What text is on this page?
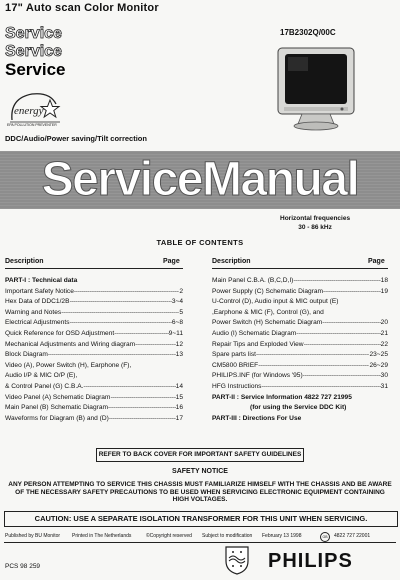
17" Auto scan Color Monitor
Service
Service
Service
energy
EPA POLLUTION PREVENTER
17B2302Q/00C
DDC/Audio/Power saving/Tilt correction
ServiceManual
Horizontal frequencies
30 - 86 kHz
TABLE OF CONTENTS
Description	Page	Description	Page
PART-I : Technical data
Important Safety Notice -----	2
Hex Data of DDC1/2B -----	3~4
Warning and Notes -----	5
Electrical Adjustments -----	6~8
Quick Reference for OSD Adjustment -----	9~11
Mechanical Adjustments and Wiring diagram -----	12
Block Diagram -----	13
Video (A), Power Switch (H), Earphone (F),
Audio I/P & MIC O/P (E),
& Control Panel (G) C.B.A. -----	14
Video Panel (A) Schematic Diagram -----	15
Main Panel (B) Schematic Diagram -----	16
Waveforms for Diagram (B) and (D) -----	17
Main Panel C.B.A. (B,C,D,I) -----	18
Power Supply (C) Schematic Diagram -----	19
U-Control (D), Audio input & MIC output (E)
,Earphone & MIC (F), Control (G), and
Power Switch (H) Schematic Diagram -----	20
Audio (I) Schematic Diagram -----	21
Repair Tips and Exploded View -----	22
Spare parts list -----	23~25
CM5800 BRIEF -----	26~29
PHILIPS.INF (for Windows '95) -----	30
HFG Instructions -----	31
PART-II : Service Information 4822 727 21995
(for using the Service DDC Kit)
PART-III : Directions For Use
REFER TO BACK COVER FOR IMPORTANT SAFETY GUIDELINES
SAFETY NOTICE
ANY PERSON ATTEMPTING TO SERVICE THIS CHASSIS MUST FAMILIARIZE HIMSELF WITH THE CHASSIS AND BE AWARE OF THE NECESSARY SAFETY PRECAUTIONS TO BE USED WHEN SERVICING ELECTRONIC EQUIPMENT CONTAINING HIGH VOLTAGES.
CAUTION: USE A SEPARATE ISOLATION TRANSFORMER FOR THIS UNIT WHEN SERVICING.
Published by BU Monitor Printed in The Netherlands	©Copyright reserved Subject to modification February 13 1998	GB	4822 727 22001
PCS 98 259	PHILIPS
